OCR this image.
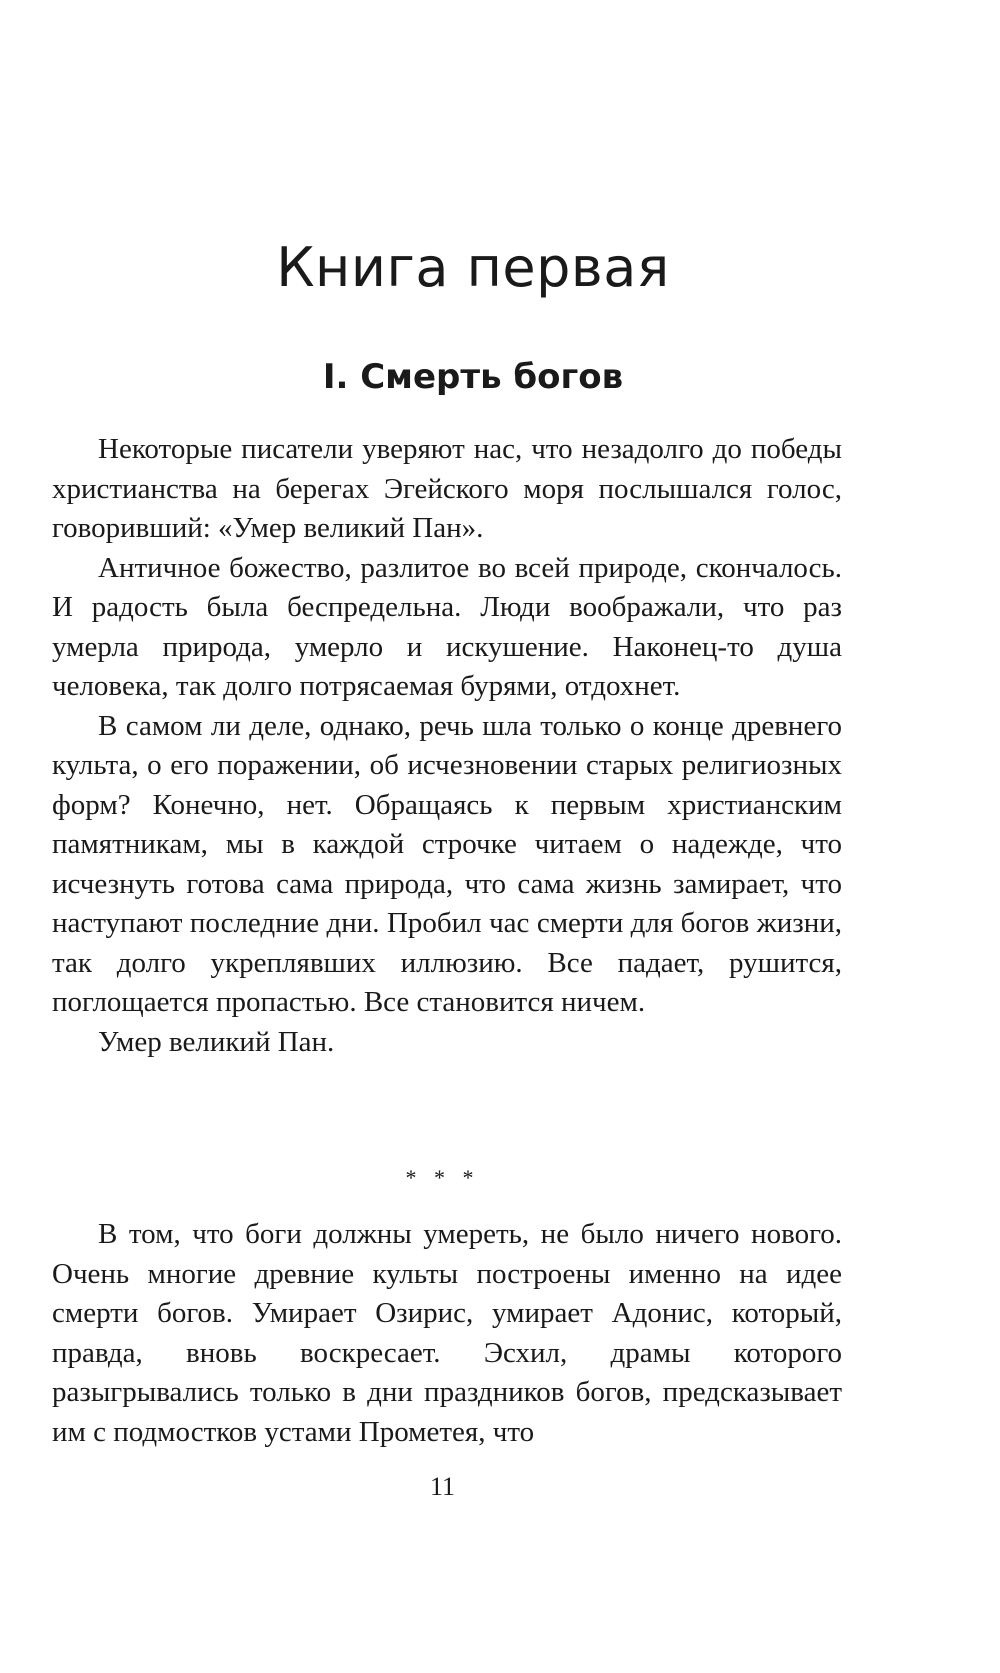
Книга первая
I. Смерть богов

Некоторые писатели уверяют нас, что незадолго до победы христианства на берегах Эгейского моря послышался голос, говоривший: «Умер великий Пан».

Античное божество, разлитое во всей природе, скончалось. И радость была беспредельна. Люди воображали, что раз умерла природа, умерло и искушение. Наконец-то душа человека, так долго потрясаемая бурями, отдохнет.

В самом ли деле, однако, речь шла только о конце древнего культа, о его поражении, об исчезновении старых религиозных форм? Конечно, нет. Обращаясь к первым христианским памятникам, мы в каждой строчке читаем о надежде, что исчезнуть готова сама природа, что сама жизнь замирает, что наступают последние дни. Пробил час смерти для богов жизни, так долго укреплявших иллюзию. Все падает, рушится, поглощается пропастью. Все становится ничем.

Умер великий Пан.

* * *

В том, что боги должны умереть, не было ничего нового. Очень многие древние культы построены именно на идее смерти богов. Умирает Озирис, умирает Адонис, который, правда, вновь воскресает. Эсхил, драмы которого разыгрывались только в дни праздников богов, предсказывает им с подмостков устами Прометея, что

11
